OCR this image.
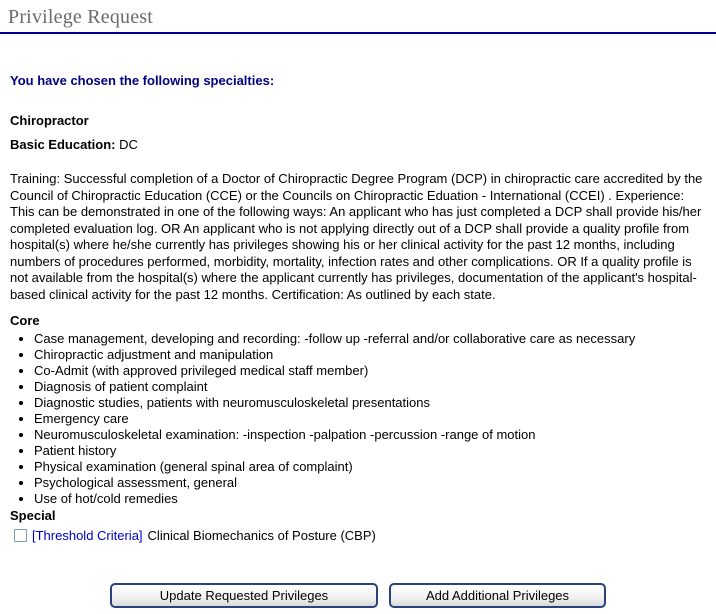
Privilege Request
You have chosen the following specialties:
Chiropractor
Basic Education: DC
Training: Successful completion of a Doctor of Chiropractic Degree Program (DCP) in chiropractic care accredited by the Council of Chiropractic Education (CCE) or the Councils on Chiropractic Eduation - International (CCEI) . Experience: This can be demonstrated in one of the following ways: An applicant who has just completed a DCP shall provide his/her completed evaluation log. OR An applicant who is not applying directly out of a DCP shall provide a quality profile from hospital(s) where he/she currently has privileges showing his or her clinical activity for the past 12 months, including numbers of procedures performed, morbidity, mortality, infection rates and other complications. OR If a quality profile is not available from the hospital(s) where the applicant currently has privileges, documentation of the applicant's hospital-based clinical activity for the past 12 months. Certification: As outlined by each state.
Core
• Case management, developing and recording: -follow up -referral and/or collaborative care as necessary
• Chiropractic adjustment and manipulation
• Co-Admit (with approved privileged medical staff member)
• Diagnosis of patient complaint
• Diagnostic studies, patients with neuromusculoskeletal presentations
• Emergency care
• Neuromusculoskeletal examination: -inspection -palpation -percussion -range of motion
• Patient history
• Physical examination (general spinal area of complaint)
• Psychological assessment, general
• Use of hot/cold remedies
Special
[Threshold Criteria] Clinical Biomechanics of Posture (CBP)
Update Requested Privileges	Add Additional Privileges
